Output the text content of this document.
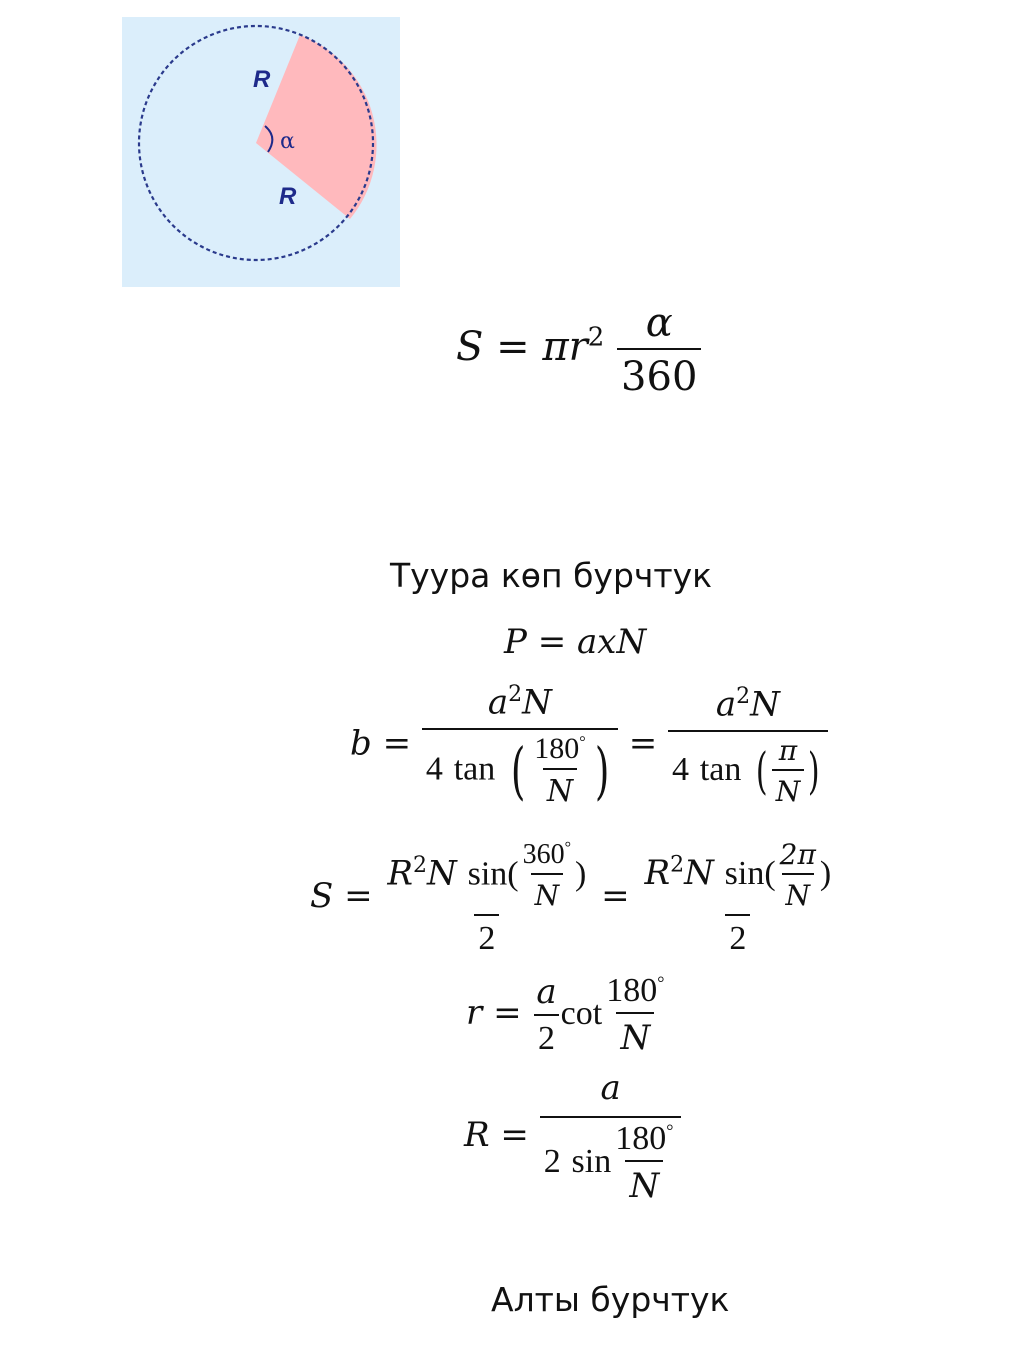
R
R
α
$S = \pi r^2 \frac{\alpha}{360}$
Туура көп бурчтук
P = axN
$b = \frac{a^2N}{4 \tan ( \frac{180^\circ}{N} )} = \frac{a^2N}{4 \tan ( \frac{\pi}{N} )}$
$S = \frac{R^2N \sin( \frac{360^\circ}{N} )}{2} = \frac{R^2N \sin( \frac{2\pi}{N} )}{2}$
$r = \frac{a}{2}$ $\cot \frac{180^\circ}{N}$
$R = \frac{a}{2 \sin \frac{180^\circ}{N}}$
Алты бурчтук
